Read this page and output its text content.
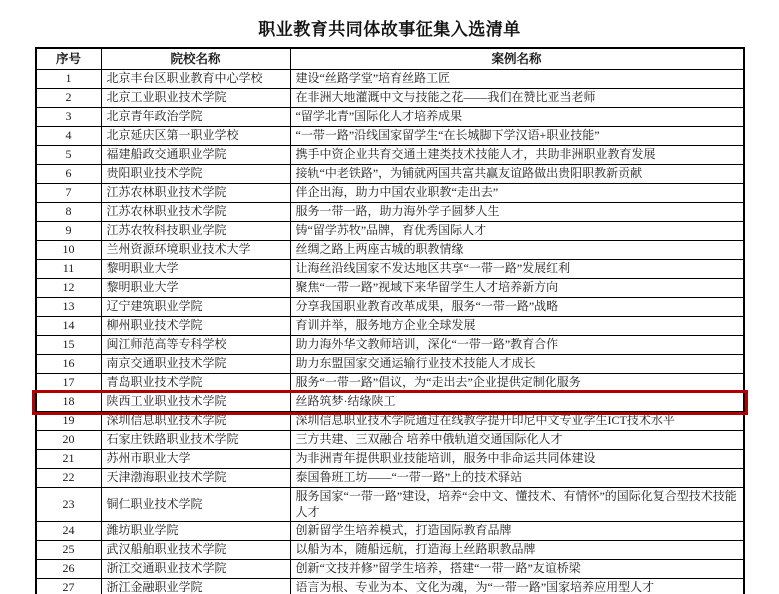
职业教育共同体故事征集入选清单
序号	院校名称	案例名称
1	北京丰台区职业教育中心学校	建设“丝路学堂”培育丝路工匠
2	北京工业职业技术学院	在非洲大地灌溉中文与技能之花——我们在赞比亚当老师
3	北京青年政治学院	“留学北青”国际化人才培养成果
4	北京延庆区第一职业学校	“一带一路”沿线国家留学生“在长城脚下学汉语+职业技能”
5	福建船政交通职业学院	携手中资企业共育交通土建类技术技能人才，共助非洲职业教育发展
6	贵阳职业技术学院	接轨“中老铁路”，为铺就两国共富共赢友谊路做出贵阳职教新贡献
7	江苏农林职业技术学院	伴企出海，助力中国农业职教“走出去”
8	江苏农林职业技术学院	服务一带一路，助力海外学子圆梦人生
9	江苏农牧科技职业学院	铸“留学苏牧”品牌，育优秀国际人才
10	兰州资源环境职业技术大学	丝绸之路上两座古城的职教情缘
11	黎明职业大学	让海丝沿线国家不发达地区共享“一带一路”发展红利
12	黎明职业大学	聚焦“一带一路”视域下来华留学生人才培养新方向
13	辽宁建筑职业学院	分享我国职业教育改革成果，服务“一带一路”战略
14	柳州职业技术学院	育训并举，服务地方企业全球发展
15	闽江师范高等专科学校	助力海外华文教师培训，深化“一带一路”教育合作
16	南京交通职业技术学院	助力东盟国家交通运输行业技术技能人才成长
17	青岛职业技术学院	服务“一带一路”倡议，为“走出去”企业提供定制化服务
18	陕西工业职业技术学院	丝路筑梦·结缘陕工
19	深圳信息职业技术学院	深圳信息职业技术学院通过在线教学提升印尼中文专业学生ICT技术水平
20	石家庄铁路职业技术学院	三方共建、三双融合 培养中俄轨道交通国际化人才
21	苏州市职业大学	为非洲青年提供职业技能培训，服务中非命运共同体建设
22	天津渤海职业技术学院	泰国鲁班工坊——“一带一路”上的技术驿站
23	铜仁职业技术学院	服务国家“一带一路”建设，培养“会中文、懂技术、有情怀”的国际化复合型技术技能人才
24	潍坊职业学院	创新留学生培养模式，打造国际教育品牌
25	武汉船舶职业技术学院	以船为本，随船远航，打造海上丝路职教品牌
26	浙江交通职业技术学院	创新“文技并修”留学生培养，搭建“一带一路”友谊桥梁
27	浙江金融职业学院	语言为根、专业为本、文化为魂，为“一带一路”国家培养应用型人才
